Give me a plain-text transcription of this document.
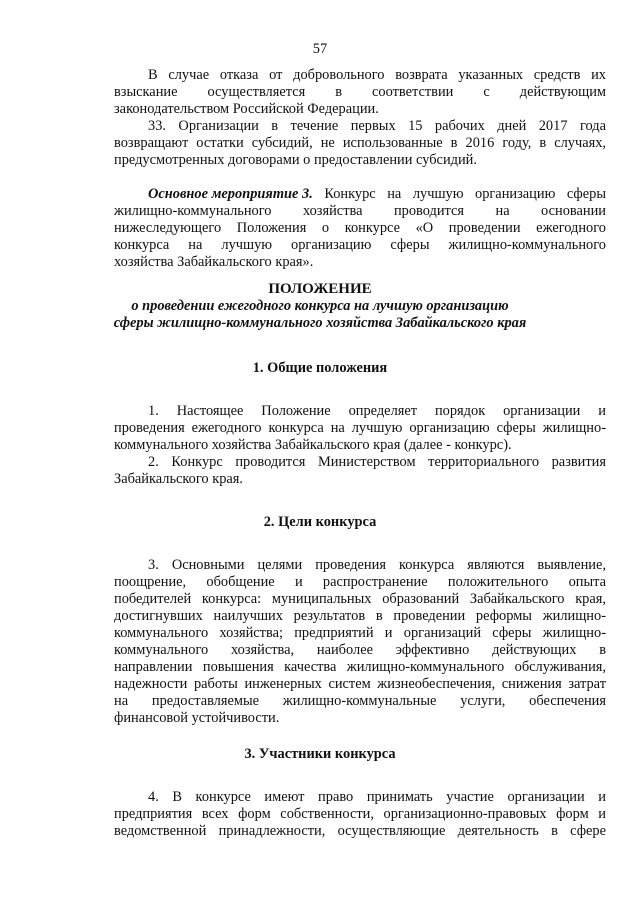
57
В случае отказа от добровольного возврата указанных средств их
взыскание осуществляется в соответствии с действующим
законодательством Российской Федерации.
33. Организации в течение первых 15 рабочих дней 2017 года
возвращают остатки субсидий, не использованные в 2016 году, в случаях,
предусмотренных договорами о предоставлении субсидий.
Основное мероприятие 3. Конкурс на лучшую организацию сферы
жилищно-коммунального хозяйства проводится на основании
нижеследующего Положения о конкурсе «О проведении ежегодного
конкурса на лучшую организацию сферы жилищно-коммунального
хозяйства Забайкальского края».
ПОЛОЖЕНИЕ
о проведении ежегодного конкурса на лучшую организацию
сферы жилищно-коммунального хозяйства Забайкальского края
1. Общие положения
1. Настоящее Положение определяет порядок организации и
проведения ежегодного конкурса на лучшую организацию сферы жилищно-
коммунального хозяйства Забайкальского края (далее - конкурс).
2. Конкурс проводится Министерством территориального развития
Забайкальского края.
2. Цели конкурса
3. Основными целями проведения конкурса являются выявление,
поощрение, обобщение и распространение положительного опыта
победителей конкурса: муниципальных образований Забайкальского края,
достигнувших наилучших результатов в проведении реформы жилищно-
коммунального хозяйства; предприятий и организаций сферы жилищно-
коммунального хозяйства, наиболее эффективно действующих в
направлении повышения качества жилищно-коммунального обслуживания,
надежности работы инженерных систем жизнеобеспечения, снижения затрат
на предоставляемые жилищно-коммунальные услуги, обеспечения
финансовой устойчивости.
3. Участники конкурса
4. В конкурсе имеют право принимать участие организации и
предприятия всех форм собственности, организационно-правовых форм и
ведомственной принадлежности, осуществляющие деятельность в сфере
